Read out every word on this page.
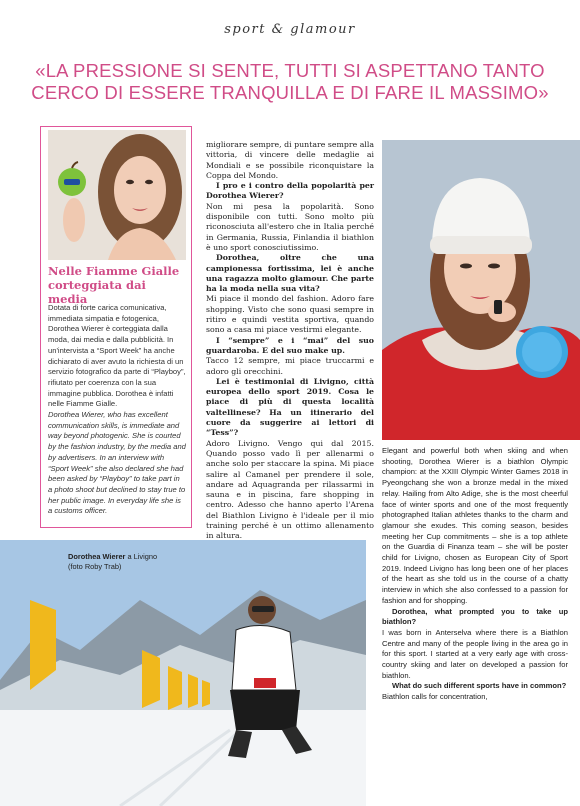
sport & glamour
«LA PRESSIONE SI SENTE, TUTTI SI ASPETTANO TANTO
CERCO DI ESSERE TRANQUILLA E DI FARE IL MASSIMO»
Nelle Fiamme Gialle
corteggiata dai media
Dotata di forte carica comunicativa, immediata simpatia e fotogenica, Dorothea Wierer è corteggiata dalla moda, dai media e dalla pubblicità. In un'intervista a “Sport Week” ha anche dichiarato di aver avuto la richiesta di un servizio fotografico da parte di “Playboy”, rifiutato per coerenza con la sua immagine pubblica. Dorothea è infatti nelle Fiamme Gialle.
Dorothea Wierer, who has excellent communication skills, is immediate and way beyond photogenic. She is courted by the fashion industry, by the media and by advertisers. In an interview with “Sport Week” she also declared she had been asked by “Playboy” to take part in a photo shoot but declined to stay true to her public image. In everyday life she is a customs officer.

migliorare sempre, di puntare sempre alla vittoria, di vincere delle medaglie ai Mondiali e se possibile riconquistare la Coppa del Mondo.

I pro e i contro della popolarità per Dorothea Wierer?

Non mi pesa la popolarità. Sono disponibile con tutti. Sono molto più riconosciuta all'estero che in Italia perché in Germania, Russia, Finlandia il biathlon è uno sport conosciutissimo.

Dorothea, oltre che una campionessa fortissima, lei è anche una ragazza molto glamour. Che parte ha la moda nella sua vita?

Mi piace il mondo del fashion. Adoro fare shopping. Visto che sono quasi sempre in ritiro e quindi vestita sportiva, quando sono a casa mi piace vestirmi elegante.

I “sempre” e i “mai” del suo guardaroba. E del suo make up.

Tacco 12 sempre, mi piace truccarmi e adoro gli orecchini.

Lei è testimonial di Livigno, città europea dello sport 2019. Cosa le piace di più di questa località valtellinese? Ha un itinerario del cuore da suggerire ai lettori di “Tess”?

Adoro Livigno. Vengo qui dal 2015. Quando posso vado lì per allenarmi o anche solo per staccare la spina. Mi piace salire al Camanel per prendere il sole, andare ad Aquagranda per rilassarmi in sauna e in piscina, fare shopping in centro. Adesso che hanno aperto l'Arena del Biathlon Livigno è l'ideale per il mio training perché è un ottimo allenamento in altura.

Elegant and powerful both when skiing and when shooting, Dorothea Wierer is a biathlon Olympic champion: at the XXIII Olympic Winter Games 2018 in Pyeongchang she won a bronze medal in the mixed relay. Hailing from Alto Adige, she is the most cheerful face of winter sports and one of the most frequently photographed Italian athletes thanks to the charm and glamour she exudes. This coming season, besides meeting her Cup commitments – she is a top athlete on the Guardia di Finanza team – she will be poster child for Livigno, chosen as European City of Sport 2019. Indeed Livigno has long been one of her places of the heart as she told us in the course of a chatty interview in which she also confessed to a passion for fashion and for shopping.

Dorothea, what prompted you to take up biathlon?

I was born in Anterselva where there is a Biathlon Centre and many of the people living in the area go in for this sport. I started at a very early age with cross-country skiing and later on developed a passion for biathlon.

What do such different sports have in common?

Biathlon calls for concentration,

Dorothea Wierer a Livigno
(foto Roby Trab)
